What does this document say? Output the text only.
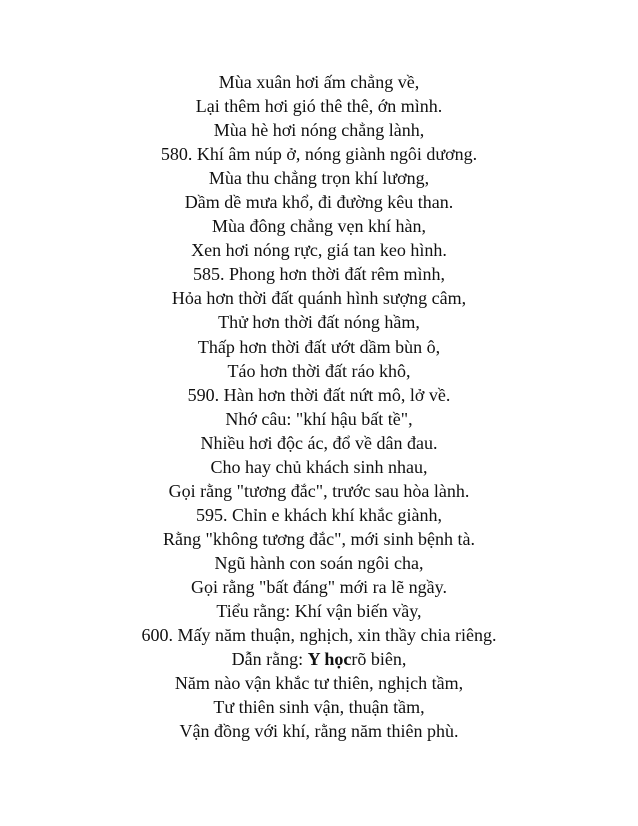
Mùa xuân hơi ấm chẳng về,
Lại thêm hơi gió thê thê, ớn mình.
Mùa hè hơi nóng chẳng lành,
580. Khí âm núp ở, nóng giành ngôi dương.
Mùa thu chẳng trọn khí lương,
Dầm dề mưa khổ, đi đường kêu than.
Mùa đông chẳng vẹn khí hàn,
Xen hơi nóng rực, giá tan keo hình.
585. Phong hơn thời đất rêm mình,
Hỏa hơn thời đất quánh hình sượng câm,
Thử hơn thời đất nóng hầm,
Thấp hơn thời đất ướt dầm bùn ô,
Táo hơn thời đất ráo khô,
590. Hàn hơn thời đất nứt mô, lở về.
Nhớ câu: "khí hậu bất tề",
Nhiều hơi độc ác, đổ về dân đau.
Cho hay chủ khách sinh nhau,
Gọi rằng "tương đắc", trước sau hòa lành.
595. Chỉn e khách khí khắc giành,
Rằng "không tương đắc", mới sinh bệnh tà.
Ngũ hành con soán ngôi cha,
Gọi rằng "bất đáng" mới ra lẽ ngầy.
Tiểu rằng: Khí vận biến vầy,
600. Mấy năm thuận, nghịch, xin thầy chia riêng.
Dẫn rằng: Y họcrõ biên,
Năm nào vận khắc tư thiên, nghịch tầm,
Tư thiên sinh vận, thuận tầm,
Vận đồng với khí, rằng năm thiên phù.
